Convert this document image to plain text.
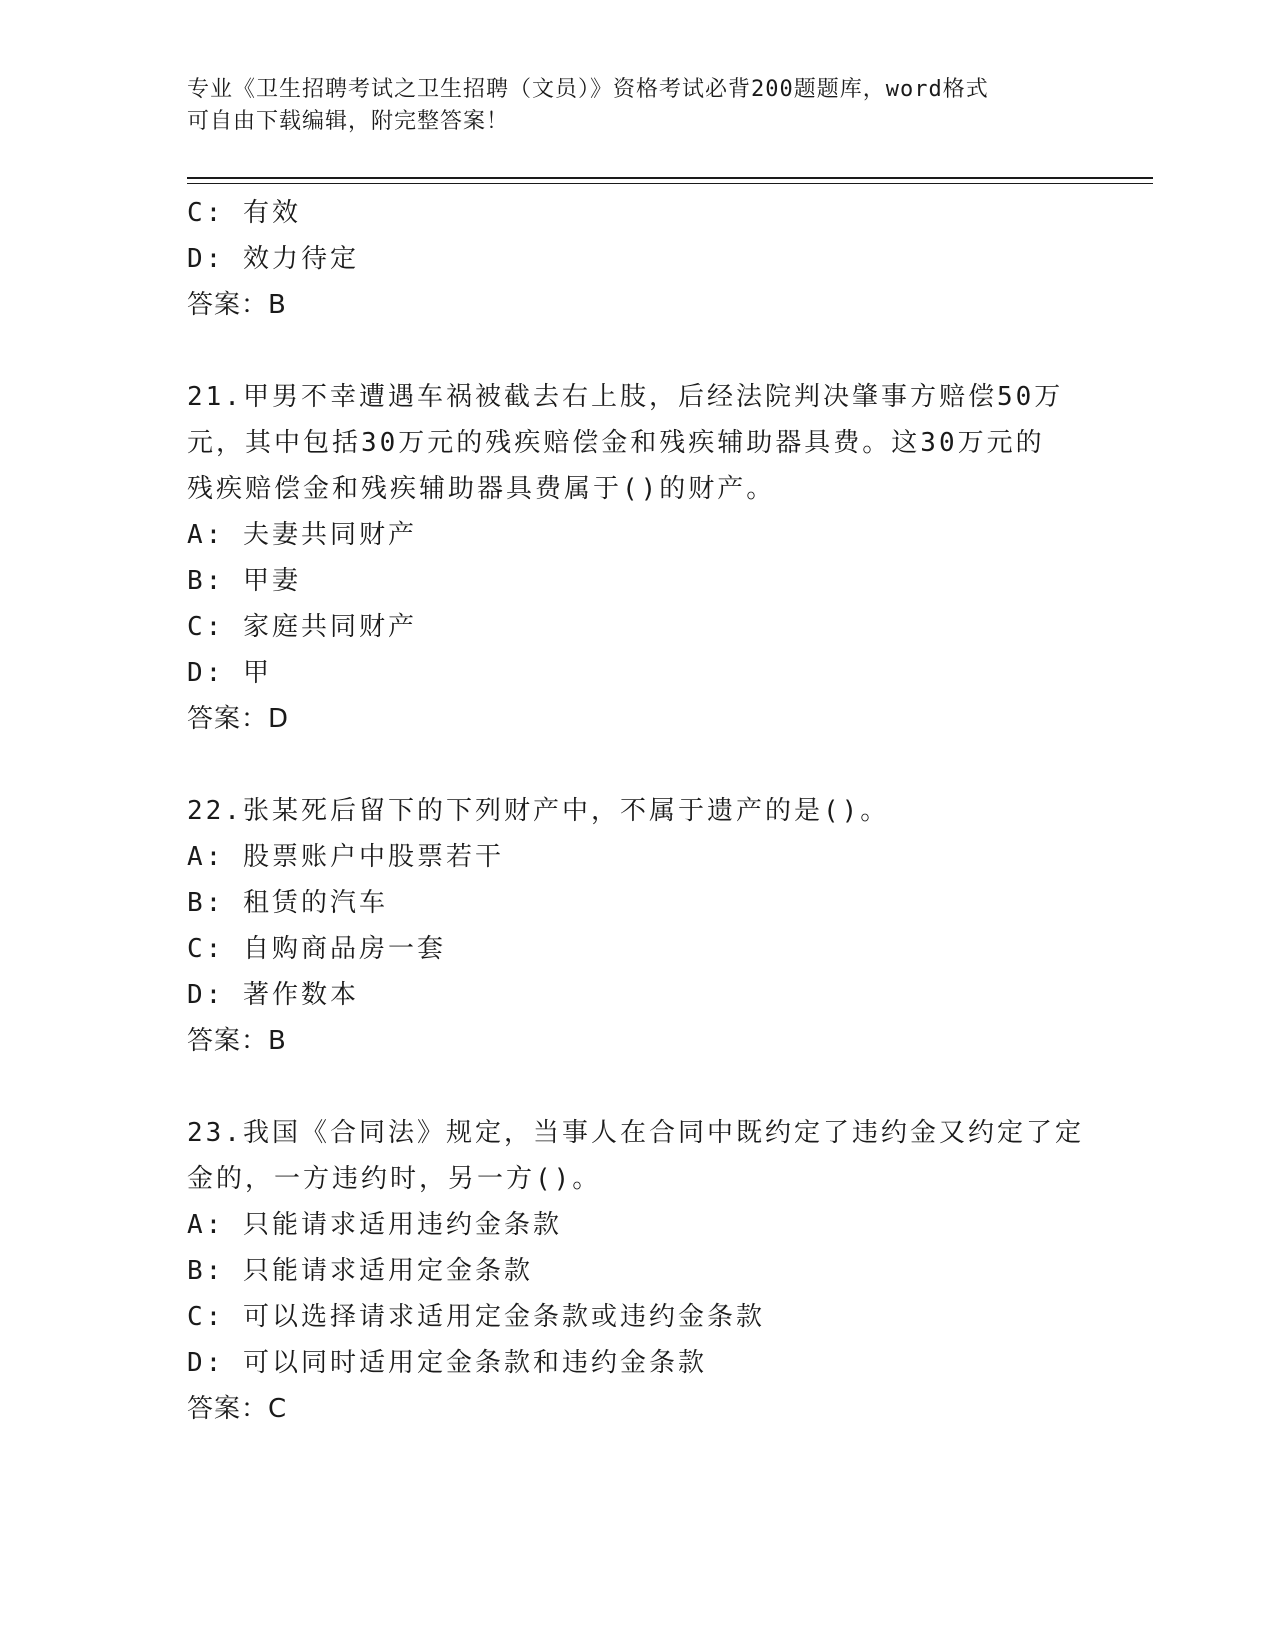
专业《卫生招聘考试之卫生招聘（文员）》资格考试必背200题题库，word格式
可自由下载编辑，附完整答案！
C: 有效
D: 效力待定
答案：B
21.甲男不幸遭遇车祸被截去右上肢，后经法院判决肇事方赔偿50万
元，其中包括30万元的残疾赔偿金和残疾辅助器具费。这30万元的
残疾赔偿金和残疾辅助器具费属于()的财产。
A: 夫妻共同财产
B: 甲妻
C: 家庭共同财产
D: 甲
答案：D
22.张某死后留下的下列财产中，不属于遗产的是()。
A: 股票账户中股票若干
B: 租赁的汽车
C: 自购商品房一套
D: 著作数本
答案：B
23.我国《合同法》规定，当事人在合同中既约定了违约金又约定了定
金的，一方违约时，另一方()。
A: 只能请求适用违约金条款
B: 只能请求适用定金条款
C: 可以选择请求适用定金条款或违约金条款
D: 可以同时适用定金条款和违约金条款
答案：C
